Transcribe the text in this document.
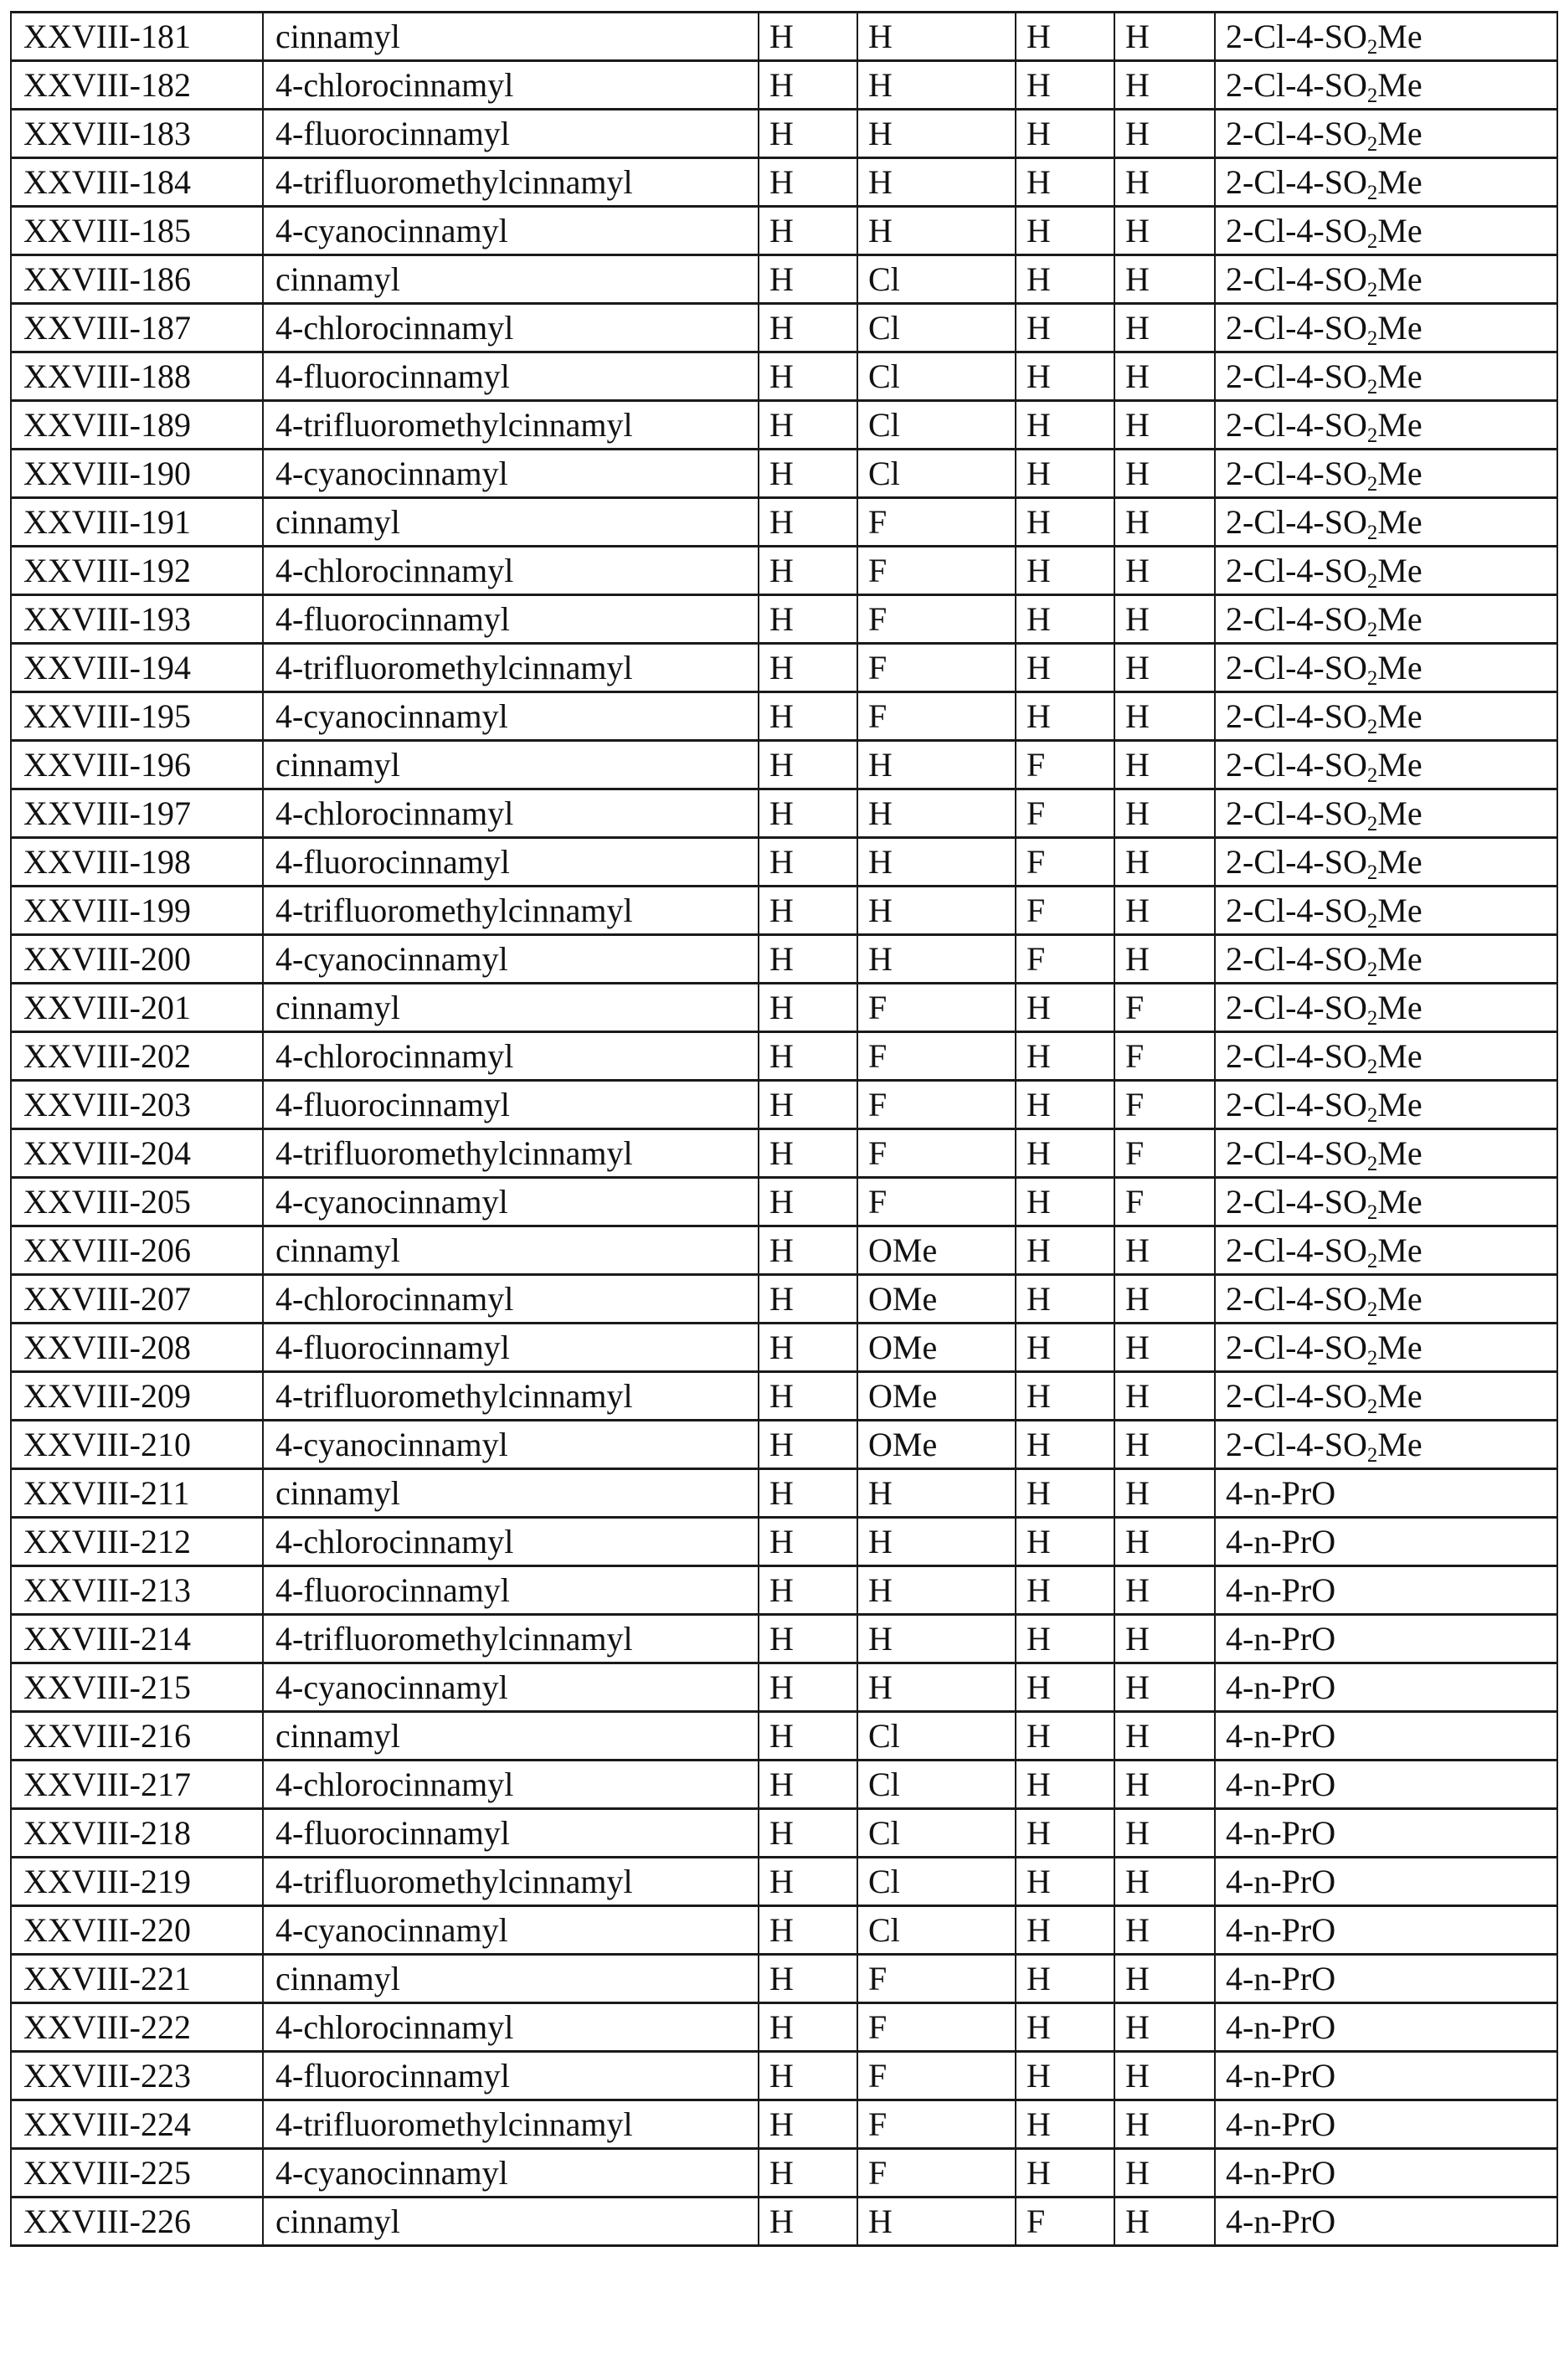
XXVIII-181	cinnamyl	H	H	H	H	$2-Cl-4-SO_2Me$
XXVIII-182	4-chlorocinnamyl	H	H	H	H	$2-Cl-4-SO_2Me$
XXVIII-183	4-fluorocinnamyl	H	H	H	H	$2-Cl-4-SO_2Me$
XXVIII-184	4-trifluoromethylcinnamyl	H	H	H	H	$2-Cl-4-SO_2Me$
XXVIII-185	4-cyanocinnamyl	H	H	H	H	$2-Cl-4-SO_2Me$
XXVIII-186	cinnamyl	H	Cl	H	H	$2-Cl-4-SO_2Me$
XXVIII-187	4-chlorocinnamyl	H	Cl	H	H	$2-Cl-4-SO_2Me$
XXVIII-188	4-fluorocinnamyl	H	Cl	H	H	$2-Cl-4-SO_2Me$
XXVIII-189	4-trifluoromethylcinnamyl	H	Cl	H	H	$2-Cl-4-SO_2Me$
XXVIII-190	4-cyanocinnamyl	H	Cl	H	H	$2-Cl-4-SO_2Me$
XXVIII-191	cinnamyl	H	F	H	H	$2-Cl-4-SO_2Me$
XXVIII-192	4-chlorocinnamyl	H	F	H	H	$2-Cl-4-SO_2Me$
XXVIII-193	4-fluorocinnamyl	H	F	H	H	$2-Cl-4-SO_2Me$
XXVIII-194	4-trifluoromethylcinnamyl	H	F	H	H	$2-Cl-4-SO_2Me$
XXVIII-195	4-cyanocinnamyl	H	F	H	H	$2-Cl-4-SO_2Me$
XXVIII-196	cinnamyl	H	H	F	H	$2-Cl-4-SO_2Me$
XXVIII-197	4-chlorocinnamyl	H	H	F	H	$2-Cl-4-SO_2Me$
XXVIII-198	4-fluorocinnamyl	H	H	F	H	$2-Cl-4-SO_2Me$
XXVIII-199	4-trifluoromethylcinnamyl	H	H	F	H	$2-Cl-4-SO_2Me$
XXVIII-200	4-cyanocinnamyl	H	H	F	H	$2-Cl-4-SO_2Me$
XXVIII-201	cinnamyl	H	F	H	F	$2-Cl-4-SO_2Me$
XXVIII-202	4-chlorocinnamyl	H	F	H	F	$2-Cl-4-SO_2Me$
XXVIII-203	4-fluorocinnamyl	H	F	H	F	$2-Cl-4-SO_2Me$
XXVIII-204	4-trifluoromethylcinnamyl	H	F	H	F	$2-Cl-4-SO_2Me$
XXVIII-205	4-cyanocinnamyl	H	F	H	F	$2-Cl-4-SO_2Me$
XXVIII-206	cinnamyl	H	OMe	H	H	$2-Cl-4-SO_2Me$
XXVIII-207	4-chlorocinnamyl	H	OMe	H	H	$2-Cl-4-SO_2Me$
XXVIII-208	4-fluorocinnamyl	H	OMe	H	H	$2-Cl-4-SO_2Me$
XXVIII-209	4-trifluoromethylcinnamyl	H	OMe	H	H	$2-Cl-4-SO_2Me$
XXVIII-210	4-cyanocinnamyl	H	OMe	H	H	$2-Cl-4-SO_2Me$
XXVIII-211	cinnamyl	H	H	H	H	4-n-PrO
XXVIII-212	4-chlorocinnamyl	H	H	H	H	4-n-PrO
XXVIII-213	4-fluorocinnamyl	H	H	H	H	4-n-PrO
XXVIII-214	4-trifluoromethylcinnamyl	H	H	H	H	4-n-PrO
XXVIII-215	4-cyanocinnamyl	H	H	H	H	4-n-PrO
XXVIII-216	cinnamyl	H	Cl	H	H	4-n-PrO
XXVIII-217	4-chlorocinnamyl	H	Cl	H	H	4-n-PrO
XXVIII-218	4-fluorocinnamyl	H	Cl	H	H	4-n-PrO
XXVIII-219	4-trifluoromethylcinnamyl	H	Cl	H	H	4-n-PrO
XXVIII-220	4-cyanocinnamyl	H	Cl	H	H	4-n-PrO
XXVIII-221	cinnamyl	H	F	H	H	4-n-PrO
XXVIII-222	4-chlorocinnamyl	H	F	H	H	4-n-PrO
XXVIII-223	4-fluorocinnamyl	H	F	H	H	4-n-PrO
XXVIII-224	4-trifluoromethylcinnamyl	H	F	H	H	4-n-PrO
XXVIII-225	4-cyanocinnamyl	H	F	H	H	4-n-PrO
XXVIII-226	cinnamyl	H	H	F	H	4-n-PrO
